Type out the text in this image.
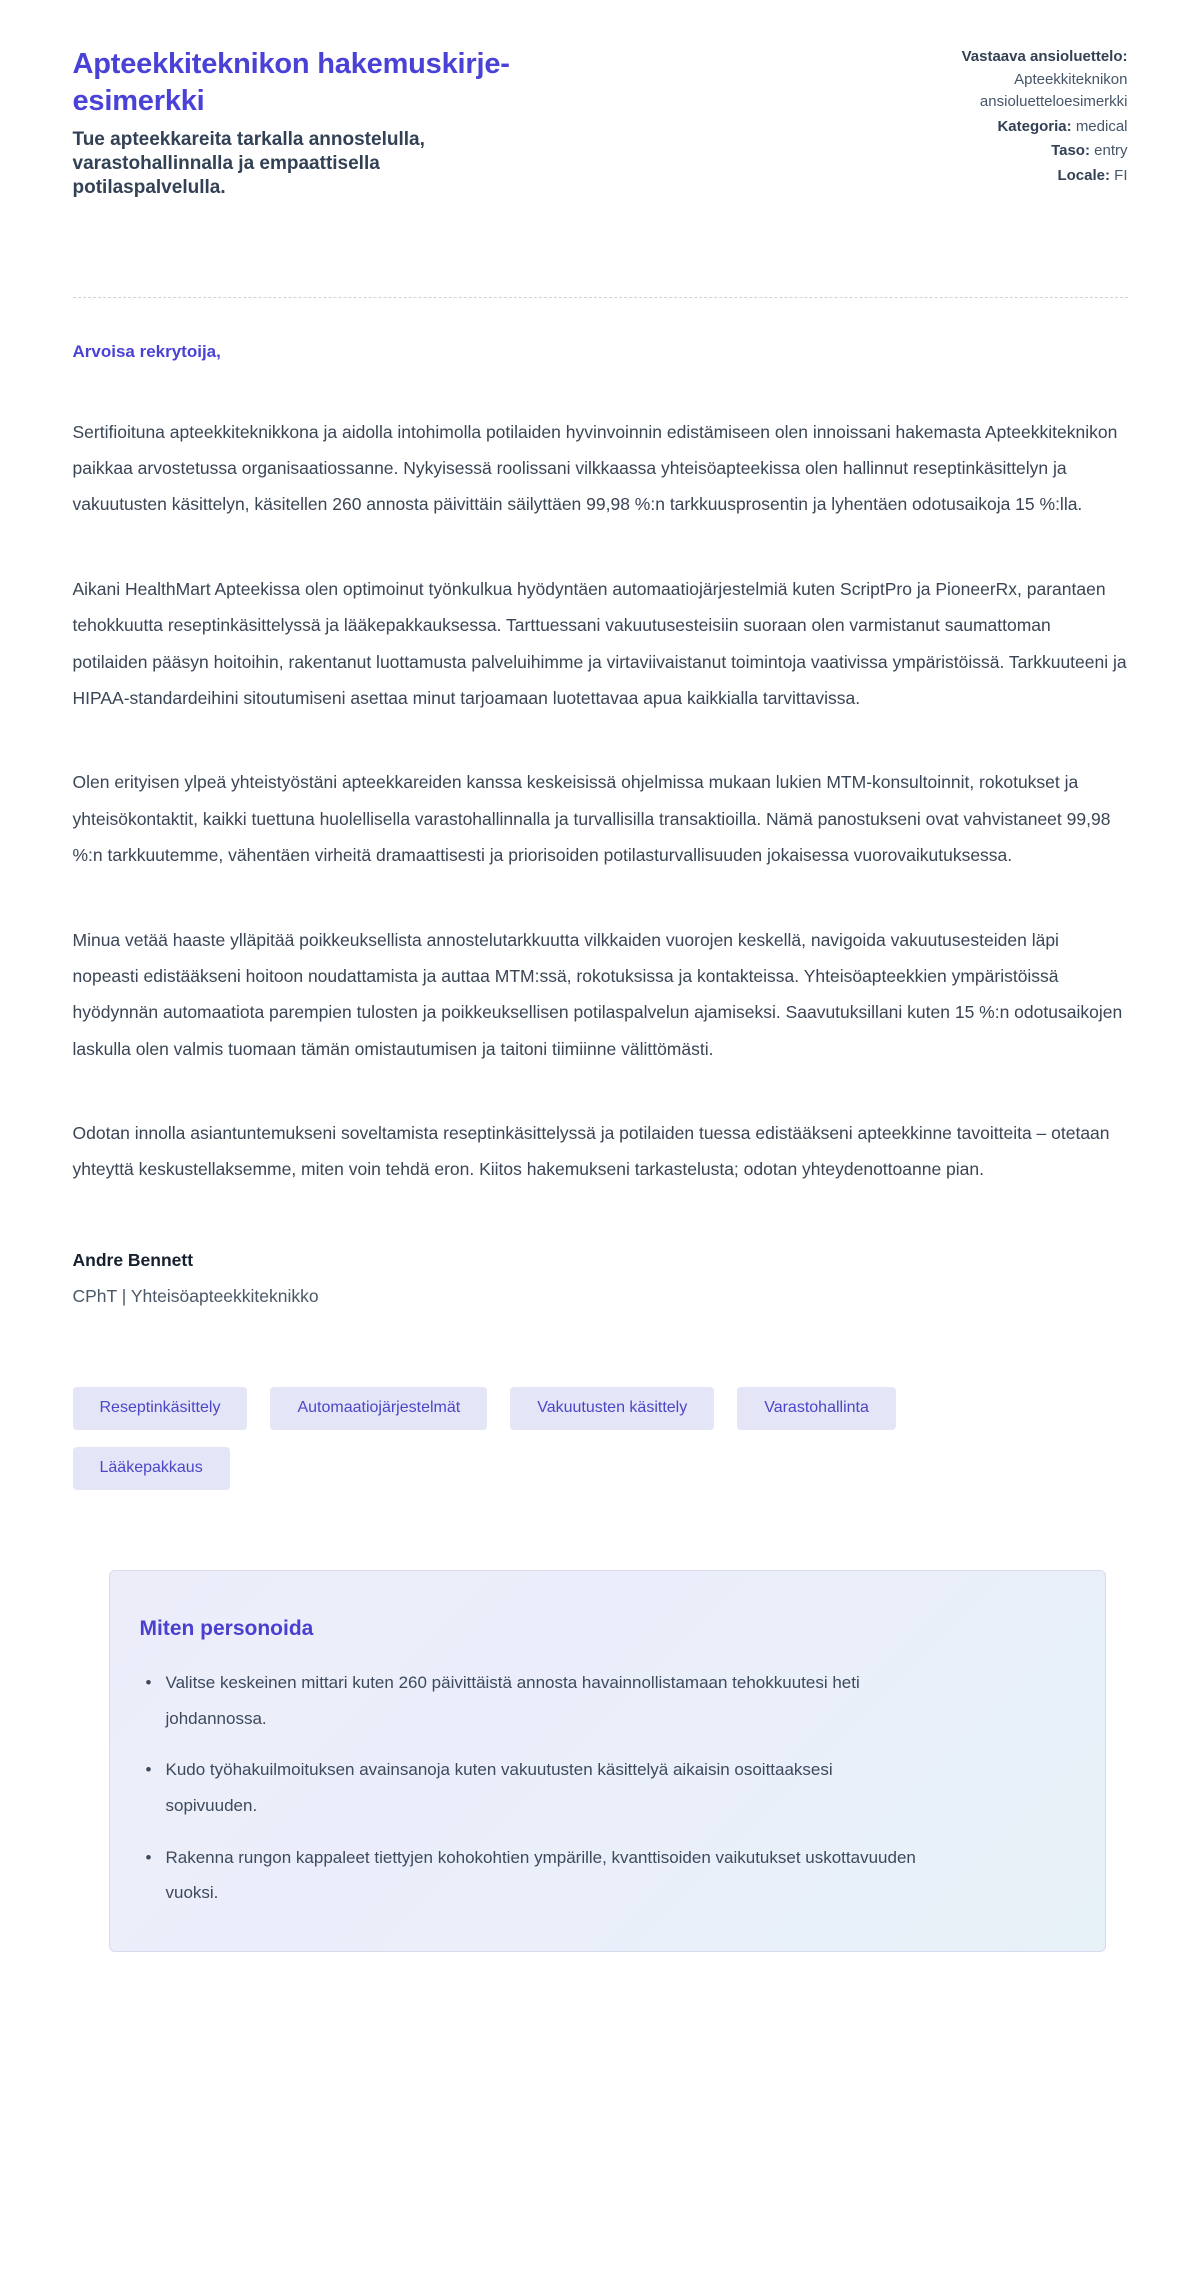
Apteekkiteknikon hakemuskirje-esimerkki
Tue apteekkareita tarkalla annostelulla, varastohallinnalla ja empaattisella potilaspalvelulla.
Vastaava ansioluettelo:
Apteekkiteknikon ansioluetteloesimerkki
Kategoria: medical
Taso: entry
Locale: FI
Arvoisa rekrytoija,

Sertifioituna apteekkiteknikkona ja aidolla intohimolla potilaiden hyvinvoinnin edistämiseen olen innoissani hakemasta Apteekkiteknikon paikkaa arvostetussa organisaatiossanne. Nykyisessä roolissani vilkkaassa yhteisöapteekissa olen hallinnut reseptinkäsittelyn ja vakuutusten käsittelyn, käsitellen 260 annosta päivittäin säilyttäen 99,98 %:n tarkkuusprosentin ja lyhentäen odotusaikoja 15 %:lla.

Aikani HealthMart Apteekissa olen optimoinut työnkulkua hyödyntäen automaatiojärjestelmiä kuten ScriptPro ja PioneerRx, parantaen tehokkuutta reseptinkäsittelyssä ja lääkepakkauksessa. Tarttuessani vakuutusesteisiin suoraan olen varmistanut saumattoman potilaiden pääsyn hoitoihin, rakentanut luottamusta palveluihimme ja virtaviivaistanut toimintoja vaativissa ympäristöissä. Tarkkuuteeni ja HIPAA-standardeihini sitoutumiseni asettaa minut tarjoamaan luotettavaa apua kaikkialla tarvittavissa.

Olen erityisen ylpeä yhteistyöstäni apteekkareiden kanssa keskeisissä ohjelmissa mukaan lukien MTM-konsultoinnit, rokotukset ja yhteisökontaktit, kaikki tuettuna huolellisella varastohallinnalla ja turvallisilla transaktioilla. Nämä panostukseni ovat vahvistaneet 99,98 %:n tarkkuutemme, vähentäen virheitä dramaattisesti ja priorisoiden potilasturvallisuuden jokaisessa vuorovaikutuksessa.

Minua vetää haaste ylläpitää poikkeuksellista annostelutarkkuutta vilkkaiden vuorojen keskellä, navigoida vakuutusesteiden läpi nopeasti edistääkseni hoitoon noudattamista ja auttaa MTM:ssä, rokotuksissa ja kontakteissa. Yhteisöapteekkien ympäristöissä hyödynnän automaatiota parempien tulosten ja poikkeuksellisen potilaspalvelun ajamiseksi. Saavutuksillani kuten 15 %:n odotusaikojen laskulla olen valmis tuomaan tämän omistautumisen ja taitoni tiimiinne välittömästi.

Odotan innolla asiantuntemukseni soveltamista reseptinkäsittelyssä ja potilaiden tuessa edistääkseni apteekkinne tavoitteita – otetaan yhteyttä keskustellaksemme, miten voin tehdä eron. Kiitos hakemukseni tarkastelusta; odotan yhteydenottoanne pian.

Andre Bennett
CPhT | Yhteisöapteekkiteknikko
Reseptinkäsittely	Automaatiojärjestelmät	Vakuutusten käsittely	Varastohallinta
Lääkepakkaus
Miten personoida
• Valitse keskeinen mittari kuten 260 päivittäistä annosta havainnollistamaan tehokkuutesi heti johdannossa.
• Kudo työhakuilmoituksen avainsanoja kuten vakuutusten käsittelyä aikaisin osoittaaksesi sopivuuden.
• Rakenna rungon kappaleet tiettyjen kohokohtien ympärille, kvanttisoiden vaikutukset uskottavuuden vuoksi.
